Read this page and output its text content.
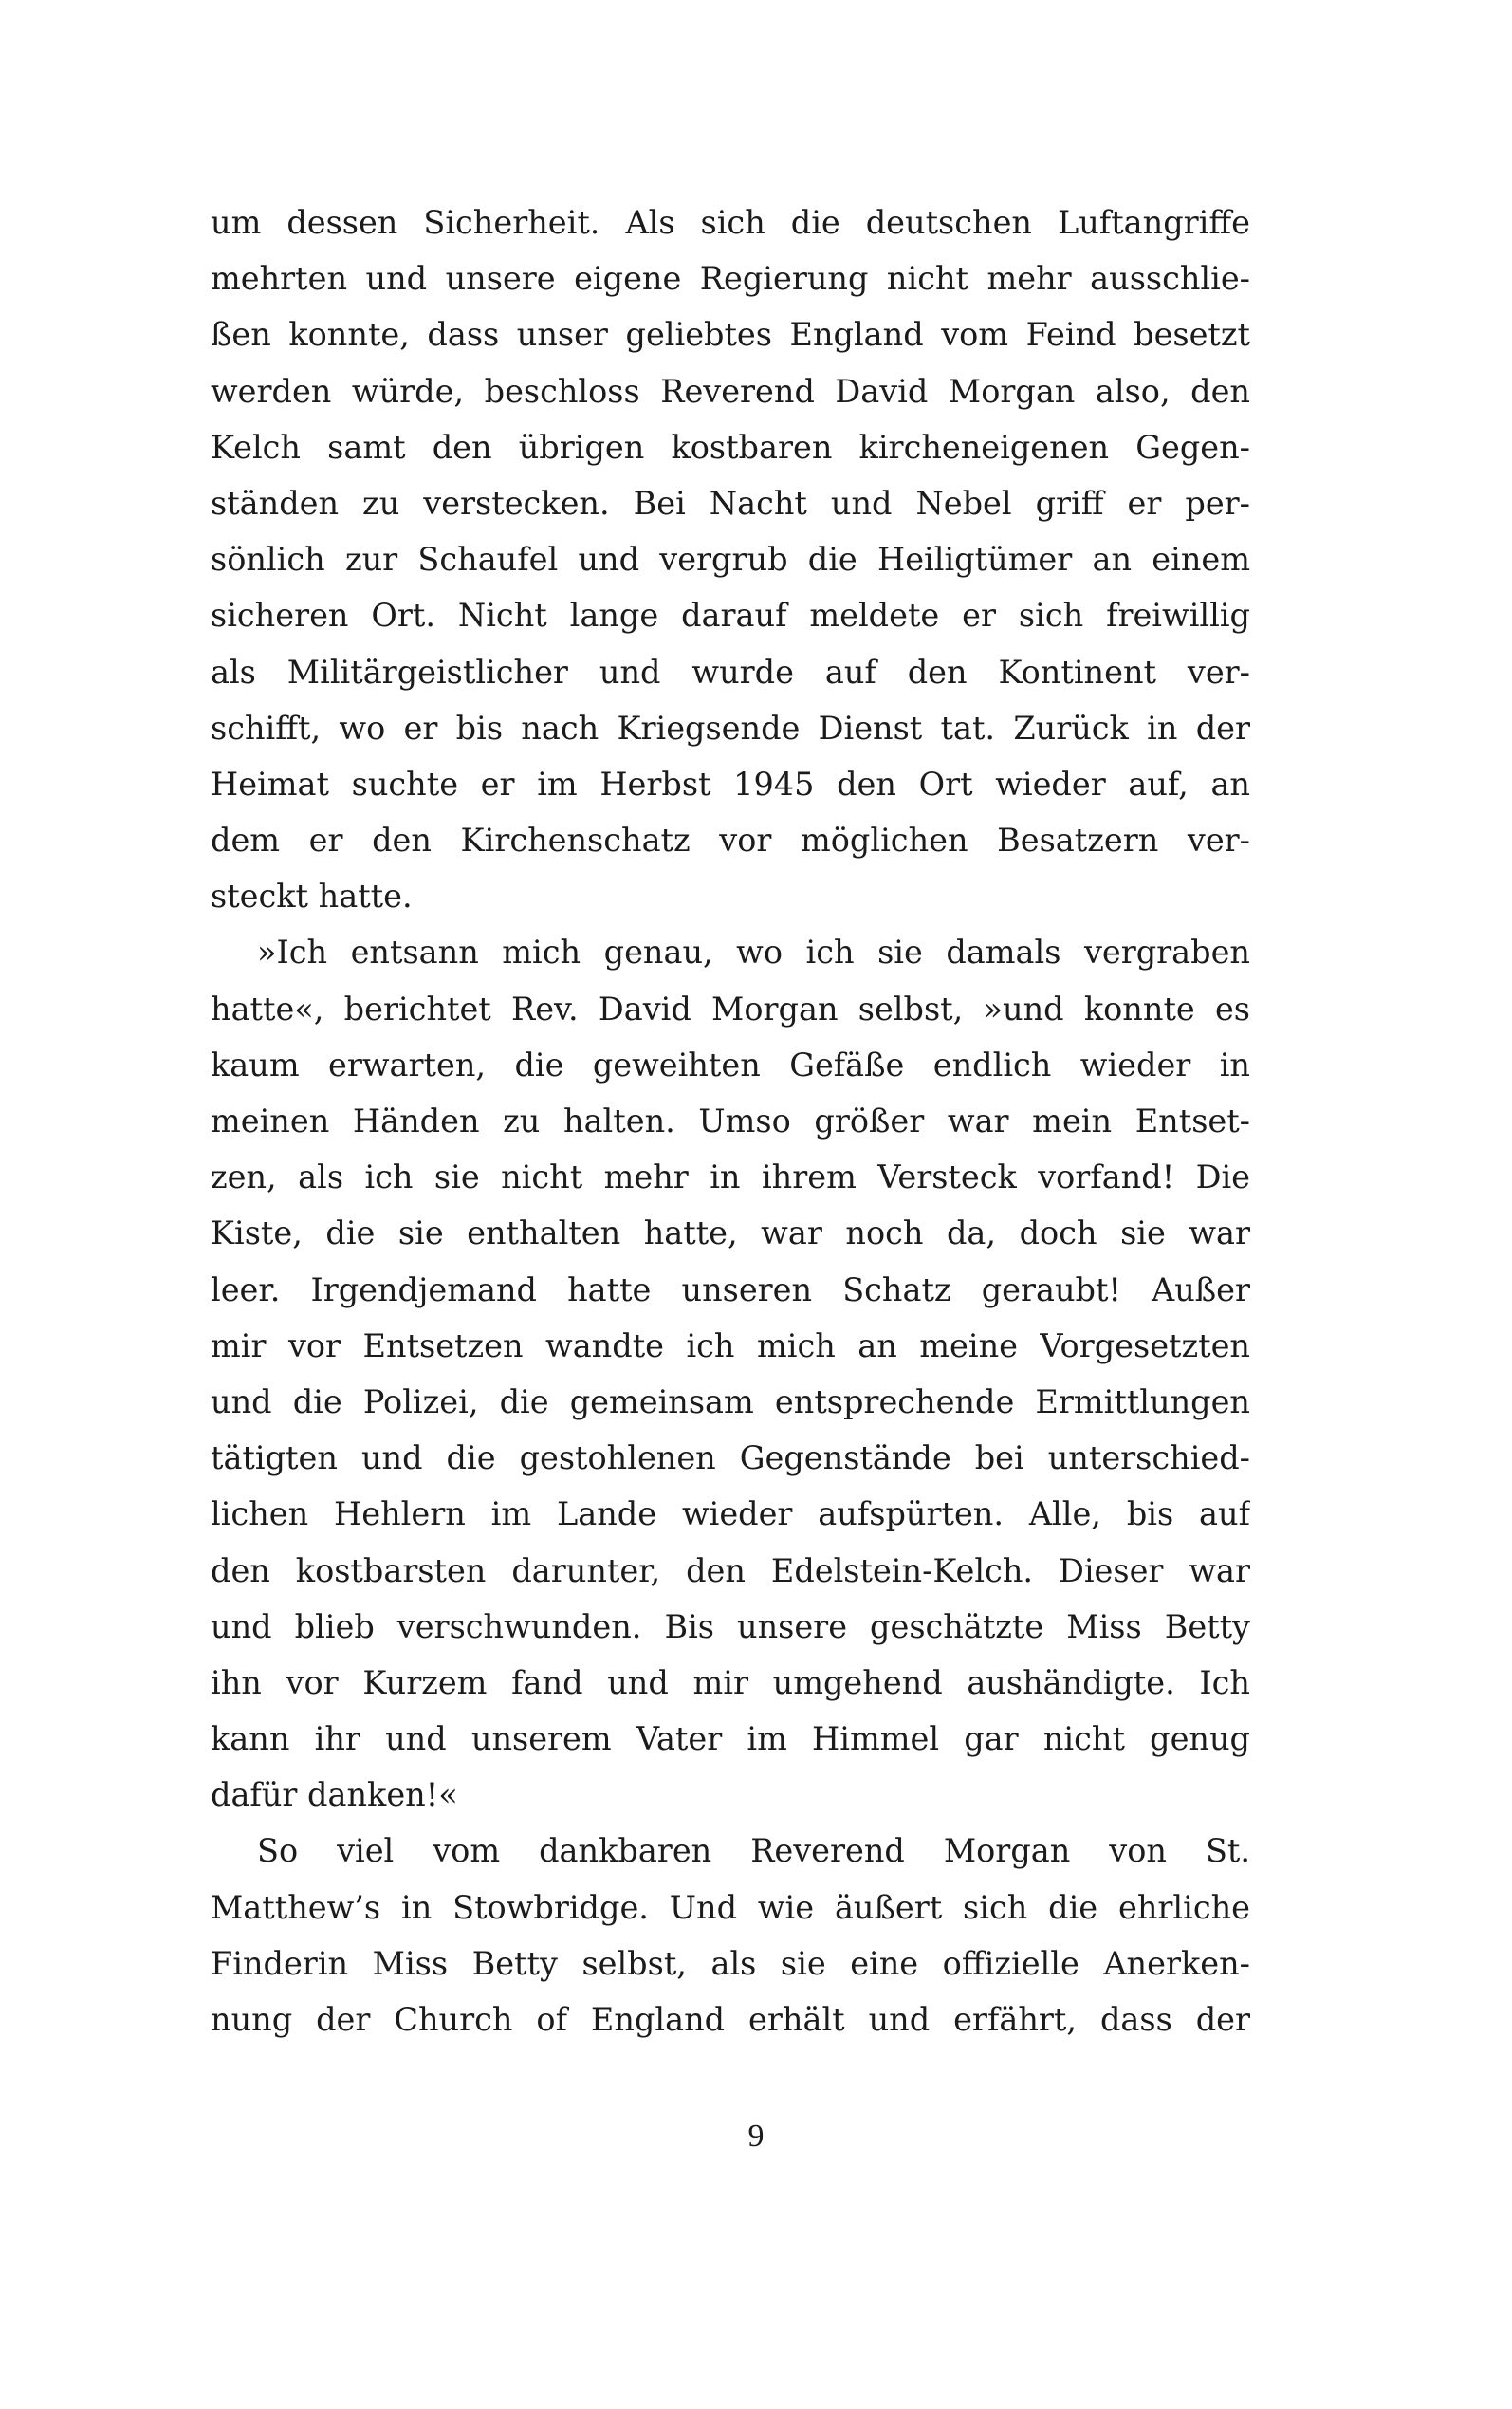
um dessen Sicherheit. Als sich die deutschen Luftangriffe
mehrten und unsere eigene Regierung nicht mehr ausschlie-
ßen konnte, dass unser geliebtes England vom Feind besetzt
werden würde, beschloss Reverend David Morgan also, den
Kelch samt den übrigen kostbaren kircheneigenen Gegen-
ständen zu verstecken. Bei Nacht und Nebel griff er per-
sönlich zur Schaufel und vergrub die Heiligtümer an einem
sicheren Ort. Nicht lange darauf meldete er sich freiwillig
als Militärgeistlicher und wurde auf den Kontinent ver-
schifft, wo er bis nach Kriegsende Dienst tat. Zurück in der
Heimat suchte er im Herbst 1945 den Ort wieder auf, an
dem er den Kirchenschatz vor möglichen Besatzern ver-
steckt hatte.
»Ich entsann mich genau, wo ich sie damals vergraben
hatte«, berichtet Rev. David Morgan selbst, »und konnte es
kaum erwarten, die geweihten Gefäße endlich wieder in
meinen Händen zu halten. Umso größer war mein Entset-
zen, als ich sie nicht mehr in ihrem Versteck vorfand! Die
Kiste, die sie enthalten hatte, war noch da, doch sie war
leer. Irgendjemand hatte unseren Schatz geraubt! Außer
mir vor Entsetzen wandte ich mich an meine Vorgesetzten
und die Polizei, die gemeinsam entsprechende Ermittlungen
tätigten und die gestohlenen Gegenstände bei unterschied-
lichen Hehlern im Lande wieder aufspürten. Alle, bis auf
den kostbarsten darunter, den Edelstein-Kelch. Dieser war
und blieb verschwunden. Bis unsere geschätzte Miss Betty
ihn vor Kurzem fand und mir umgehend aushändigte. Ich
kann ihr und unserem Vater im Himmel gar nicht genug
dafür danken!«
So viel vom dankbaren Reverend Morgan von St.
Matthew’s in Stowbridge. Und wie äußert sich die ehrliche
Finderin Miss Betty selbst, als sie eine offizielle Anerken-
nung der Church of England erhält und erfährt, dass der
9
